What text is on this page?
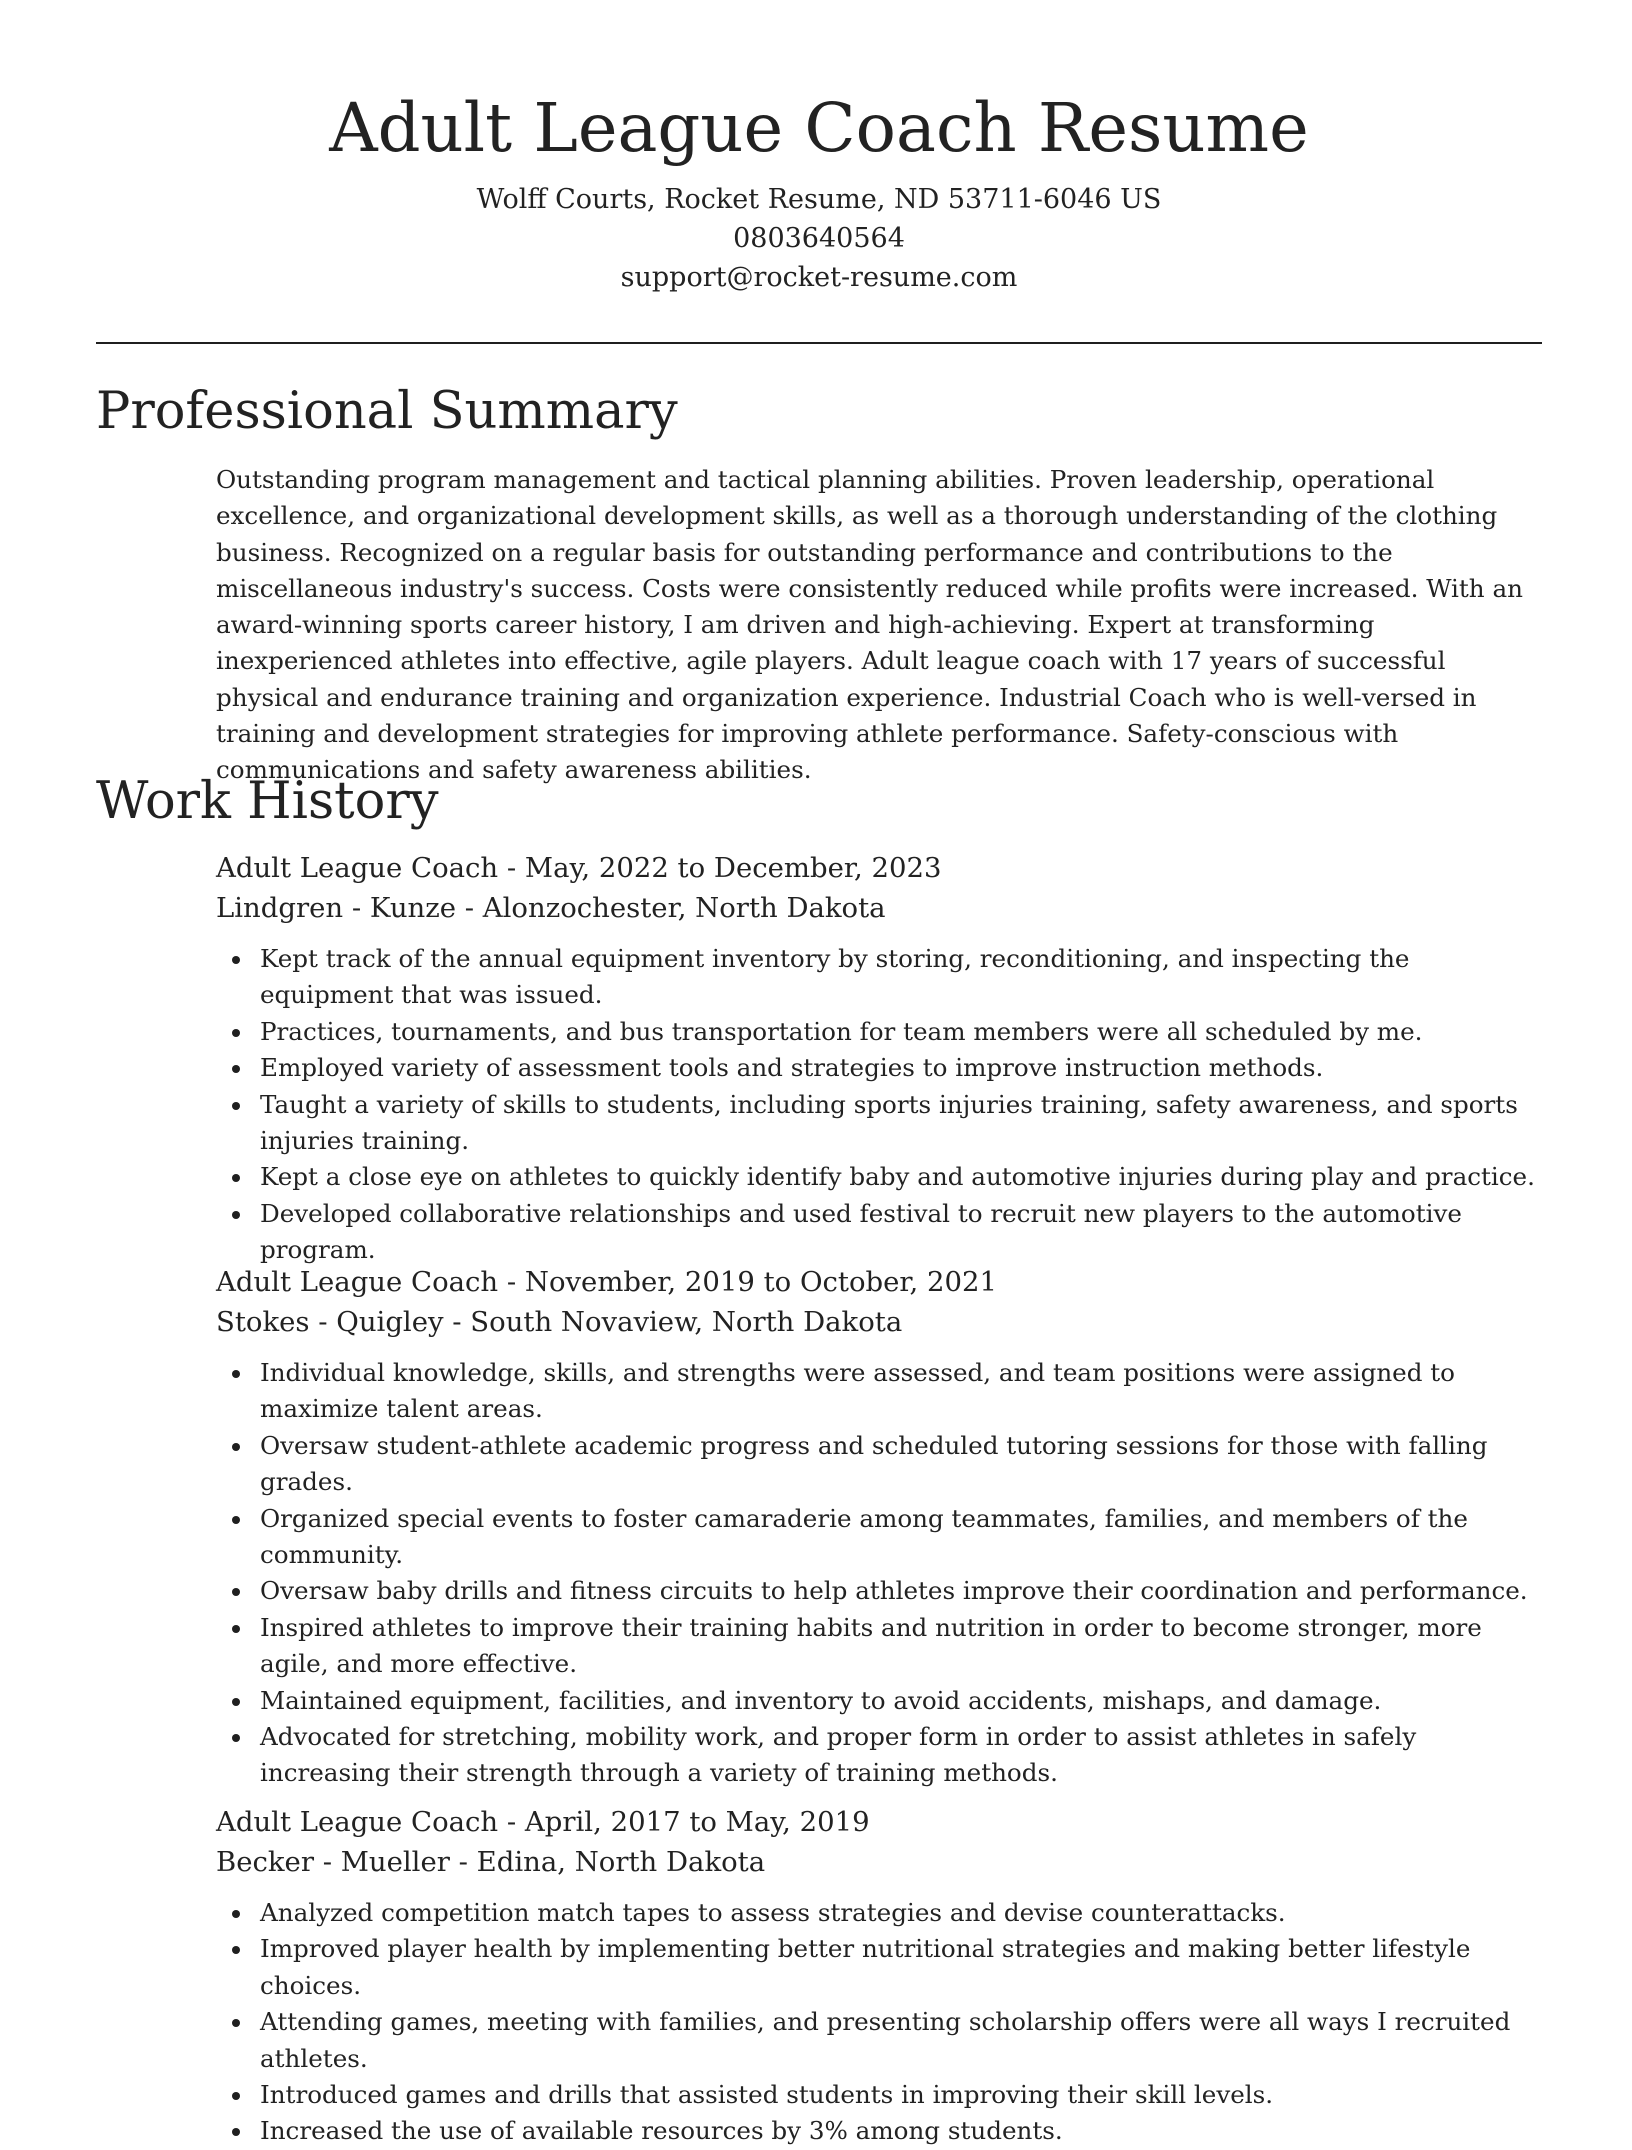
Adult League Coach Resume
Wolff Courts, Rocket Resume, ND 53711-6046 US
0803640564
support@rocket-resume.com
Professional Summary

Outstanding program management and tactical planning abilities. Proven leadership, operational excellence, and organizational development skills, as well as a thorough understanding of the clothing business. Recognized on a regular basis for outstanding performance and contributions to the miscellaneous industry's success. Costs were consistently reduced while profits were increased. With an award-winning sports career history, I am driven and high-achieving. Expert at transforming inexperienced athletes into effective, agile players. Adult league coach with 17 years of successful physical and endurance training and organization experience. Industrial Coach who is well-versed in training and development strategies for improving athlete performance. Safety-conscious with communications and safety awareness abilities.

Work History
Adult League Coach - May, 2022 to December, 2023
Lindgren - Kunze - Alonzochester, North Dakota
Kept track of the annual equipment inventory by storing, reconditioning, and inspecting the equipment that was issued.
Practices, tournaments, and bus transportation for team members were all scheduled by me.
Employed variety of assessment tools and strategies to improve instruction methods.
Taught a variety of skills to students, including sports injuries training, safety awareness, and sports injuries training.
Kept a close eye on athletes to quickly identify baby and automotive injuries during play and practice.
Developed collaborative relationships and used festival to recruit new players to the automotive program.
Adult League Coach - November, 2019 to October, 2021
Stokes - Quigley - South Novaview, North Dakota
Individual knowledge, skills, and strengths were assessed, and team positions were assigned to maximize talent areas.
Oversaw student-athlete academic progress and scheduled tutoring sessions for those with falling grades.
Organized special events to foster camaraderie among teammates, families, and members of the community.
Oversaw baby drills and fitness circuits to help athletes improve their coordination and performance.
Inspired athletes to improve their training habits and nutrition in order to become stronger, more agile, and more effective.
Maintained equipment, facilities, and inventory to avoid accidents, mishaps, and damage.
Advocated for stretching, mobility work, and proper form in order to assist athletes in safely increasing their strength through a variety of training methods.
Adult League Coach - April, 2017 to May, 2019
Becker - Mueller - Edina, North Dakota
Analyzed competition match tapes to assess strategies and devise counterattacks.
Improved player health by implementing better nutritional strategies and making better lifestyle choices.
Attending games, meeting with families, and presenting scholarship offers were all ways I recruited athletes.
Introduced games and drills that assisted students in improving their skill levels.
Increased the use of available resources by 3% among students.
